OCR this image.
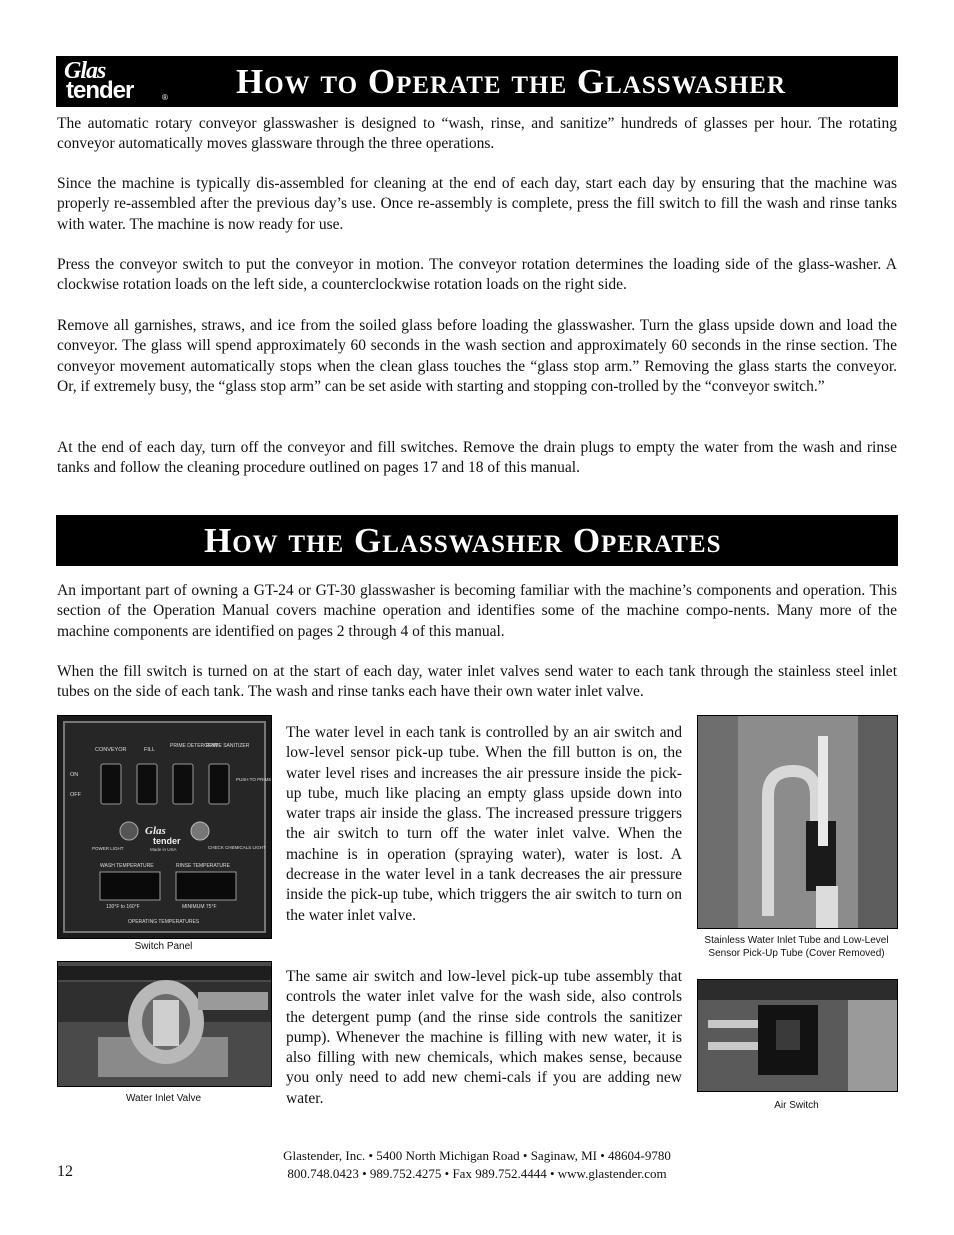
Glas
tender	® How to Operate the Glasswasher

The automatic rotary conveyor glasswasher is designed to “wash, rinse, and sanitize” hundreds of glasses per hour. The rotating conveyor automatically moves glassware through the three operations.

Since the machine is typically dis-assembled for cleaning at the end of each day, start each day by ensuring that the machine was properly re-assembled after the previous day’s use. Once re-assembly is complete, press the fill switch to fill the wash and rinse tanks with water. The machine is now ready for use.

Press the conveyor switch to put the conveyor in motion. The conveyor rotation determines the loading side of the glass-washer. A clockwise rotation loads on the left side, a counterclockwise rotation loads on the right side.

Remove all garnishes, straws, and ice from the soiled glass before loading the glasswasher. Turn the glass upside down and load the conveyor. The glass will spend approximately 60 seconds in the wash section and approximately 60 seconds in the rinse section. The conveyor movement automatically stops when the clean glass touches the “glass stop arm.” Removing the glass starts the conveyor. Or, if extremely busy, the “glass stop arm” can be set aside with starting and stopping con-trolled by the “conveyor switch.”

At the end of each day, turn off the conveyor and fill switches. Remove the drain plugs to empty the water from the wash and rinse tanks and follow the cleaning procedure outlined on pages 17 and 18 of this manual.

How the Glasswasher Operates

An important part of owning a GT-24 or GT-30 glasswasher is becoming familiar with the machine’s components and operation. This section of the Operation Manual covers machine operation and identifies some of the machine compo-nents. Many more of the machine components are identified on pages 2 through 4 of this manual.

When the fill switch is turned on at the start of each day, water inlet valves send water to each tank through the stainless steel inlet tubes on the side of each tank. The wash and rinse tanks each have their own water inlet valve.

CONVEYOR	FILL
PRIME DETERGENT
PRIME SANITIZER
ON
OFF
PUSH TO PRIME
POWER LIGHT	CHECK CHEMICALS LIGHT
Glas
tender
Made in USA
WASH TEMPERATURE	RINSE TEMPERATURE
130°F to 160°F	MINIMUM 75°F
OPERATING TEMPERATURES
Switch Panel
Water Inlet Valve

The water level in each tank is controlled by an air switch and low-level sensor pick-up tube. When the fill button is on, the water level rises and increases the air pressure inside the pick-up tube, much like placing an empty glass upside down into water traps air inside the glass. The increased pressure triggers the air switch to turn off the water inlet valve. When the machine is in operation (spraying water), water is lost. A decrease in the water level in a tank decreases the air pressure inside the pick-up tube, which triggers the air switch to turn on the water inlet valve.

The same air switch and low-level pick-up tube assembly that controls the water inlet valve for the wash side, also controls the detergent pump (and the rinse side controls the sanitizer pump). Whenever the machine is filling with new water, it is also filling with new chemicals, which makes sense, because you only need to add new chemi-cals if you are adding new water.

Stainless Water Inlet Tube and Low-Level Sensor Pick-Up Tube (Cover Removed)
Air Switch
12
Glastender, Inc. • 5400 North Michigan Road • Saginaw, MI • 48604-9780
800.748.0423 • 989.752.4275 • Fax 989.752.4444 • www.glastender.com
